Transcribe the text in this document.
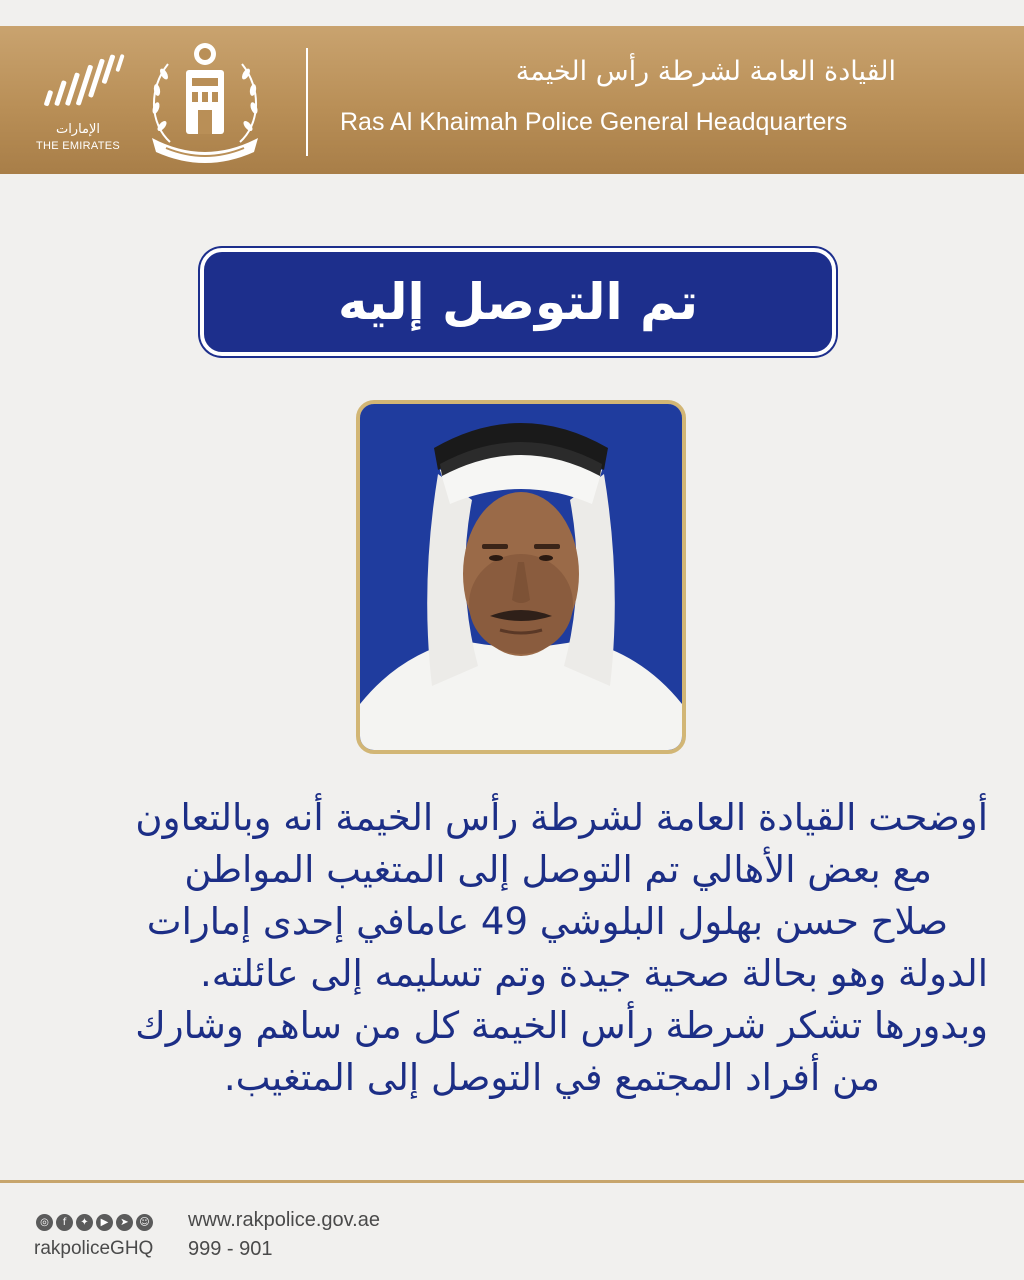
الإمارات
THE EMIRATES
القيادة العامة لشرطة رأس الخيمة
Ras Al Khaimah Police General Headquarters
تم التوصل إليه
أوضحت القيادة العامة لشرطة رأس الخيمة أنه وبالتعاون
مع بعض الأهالي تم التوصل إلى المتغيب المواطن
صلاح حسن بهلول البلوشي 49 عامافي إحدى إمارات
الدولة وهو بحالة صحية جيدة وتم تسليمه إلى عائلته.
وبدورها تشكر شرطة رأس الخيمة كل من ساهم وشارك
من أفراد المجتمع في التوصل إلى المتغيب.
◎	f	✦	▶	➤	☺
rakpoliceGHQ
www.rakpolice.gov.ae
999 - 901
